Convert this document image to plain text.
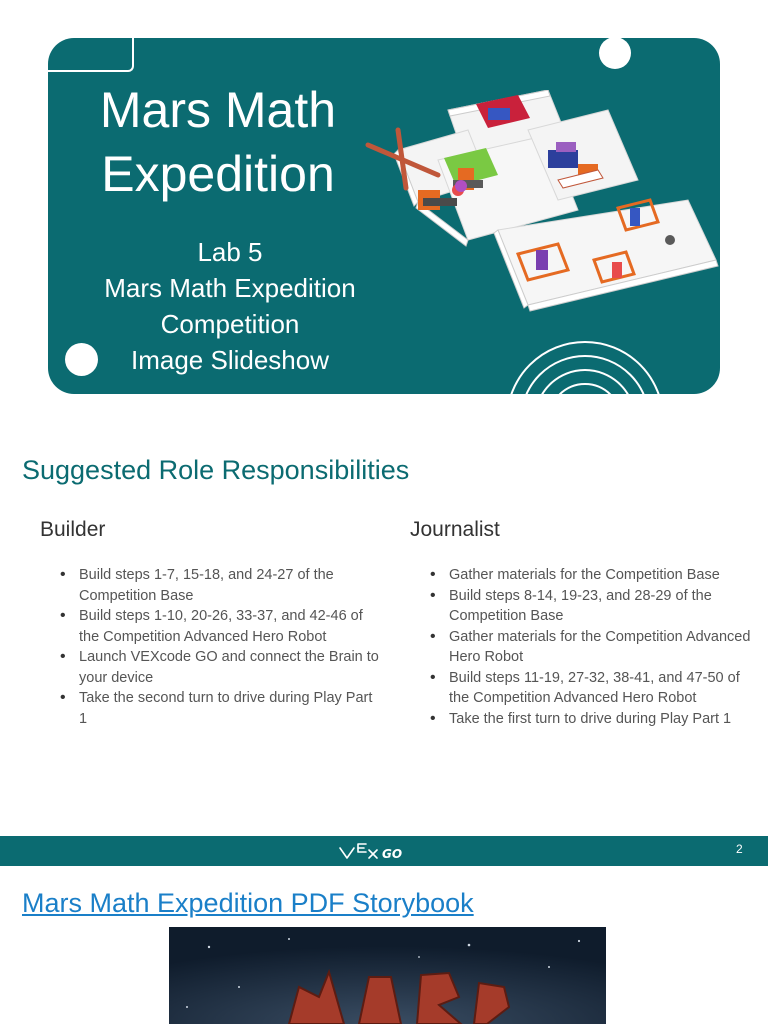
Mars Math
Expedition
Lab 5
Mars Math Expedition
Competition
Image Slideshow
Suggested Role Responsibilities
Builder
• Build steps 1-7, 15-18, and 24-27 of the Competition Base
• Build steps 1-10, 20-26, 33-37, and 42-46 of the Competition Advanced Hero Robot
• Launch VEXcode GO and connect the Brain to your device
• Take the second turn to drive during Play Part 1
Journalist
• Gather materials for the Competition Base
• Build steps 8-14, 19-23, and 28-29 of the Competition Base
• Gather materials for the Competition Advanced Hero Robot
• Build steps 11-19, 27-32, 38-41, and 47-50 of the Competition Advanced Hero Robot
• Take the first turn to drive during Play Part 1
GO	2
Mars Math Expedition PDF Storybook
